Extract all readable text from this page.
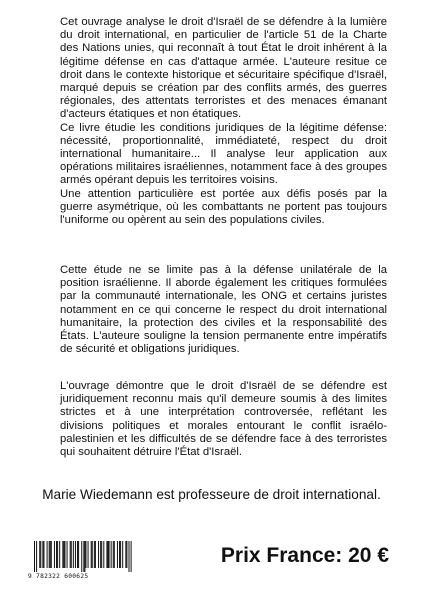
Cet ouvrage analyse le droit d'Israël de se défendre à la lumière du droit international, en particulier de l'article 51 de la Charte des Nations unies, qui reconnaît à tout État le droit inhérent à la légitime défense en cas d'attaque armée. L'auteure resitue ce droit dans le contexte historique et sécuritaire spécifique d'Israël, marqué depuis se création par des conflits armés, des guerres régionales, des attentats terroristes et des menaces émanant d'acteurs étatiques et non étatiques.

Ce livre étudie les conditions juridiques de la légitime défense: nécessité, proportionnalité, immédiateté, respect du droit international humanitaire... Il analyse leur application aux opérations militaires israéliennes, notamment face à des groupes armés opérant depuis les territoires voisins.

Une attention particulière est portée aux défis posés par la guerre asymétrique, où les combattants ne portent pas toujours l'uniforme ou opèrent au sein des populations civiles.

Cette étude ne se limite pas à la défense unilatérale de la position israélienne. Il aborde également les critiques formulées par la communauté internationale, les ONG et certains juristes notamment en ce qui concerne le respect du droit international humanitaire, la protection des civiles et la responsabilité des États. L'auteure souligne la tension permanente entre impératifs de sécurité et obligations juridiques.

L'ouvrage démontre que le droit d'Israël de se défendre est juridiquement reconnu mais qu'il demeure soumis à des limites strictes et à une interprétation controversée, reflétant les divisions politiques et morales entourant le conflit israélo-palestinien et les difficultés de se défendre face à des terroristes qui souhaitent détruire l'État d'Israël.

Marie Wiedemann est professeure de droit international.
9 782322 600625
Prix France: 20 €
